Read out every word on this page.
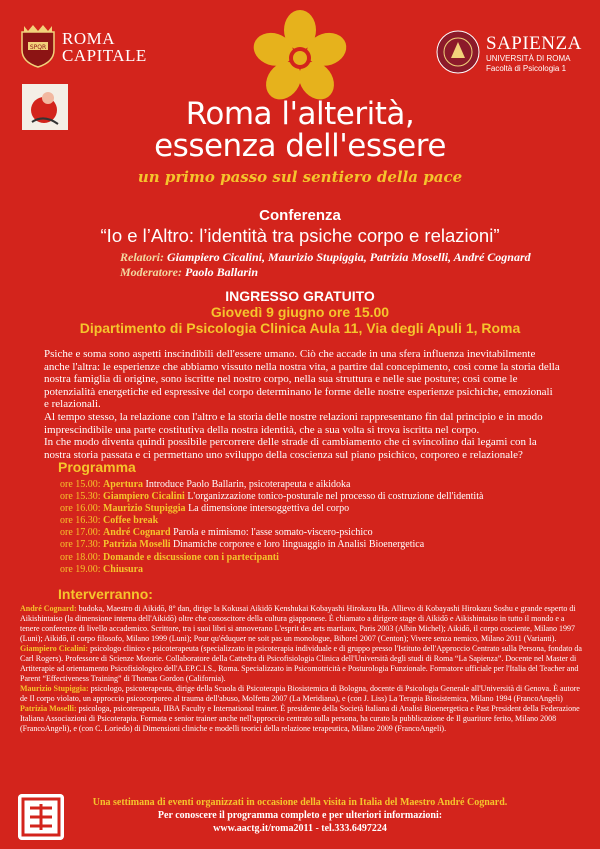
SPQR ROMA
CAPITALE
SAPIENZA
UNIVERSITÀ DI ROMA
Facoltà di Psicologia 1
Roma l'alterità,
essenza dell'essere
un primo passo sul sentiero della pace
Conferenza
“Io e l’Altro: l’identità tra psiche corpo e relazioni”
Relatori: Giampiero Cicalini, Maurizio Stupiggia, Patrizia Moselli, André Cognard
Moderatore: Paolo Ballarin
INGRESSO GRATUITO
Giovedì 9 giugno ore 15.00
Dipartimento di Psicologia Clinica Aula 11, Via degli Apuli 1, Roma

Psiche e soma sono aspetti inscindibili dell'essere umano. Ciò che accade in una sfera influenza inevitabilmente anche l'altra: le esperienze che abbiamo vissuto nella nostra vita, a partire dal concepimento, così come la storia della nostra famiglia di origine, sono iscritte nel nostro corpo, nella sua struttura e nelle sue posture; così come le potenzialità energetiche ed espressive del corpo determinano le forme delle nostre esperienze psichiche, emozionali e relazionali.

Al tempo stesso, la relazione con l'altro e la storia delle nostre relazioni rappresentano fin dal principio e in modo imprescindibile una parte costitutiva della nostra identità, che a sua volta si trova iscritta nel corpo.

In che modo diventa quindi possibile percorrere delle strade di cambiamento che ci svincolino dai legami con la nostra storia passata e ci permettano uno sviluppo della coscienza sul piano psichico, corporeo e relazionale?

Programma
ore 15.00: Apertura Introduce Paolo Ballarin, psicoterapeuta e aikidoka
ore 15.30: Giampiero Cicalini L'organizzazione tonico-posturale nel processo di costruzione dell'identità
ore 16.00: Maurizio Stupiggia La dimensione intersoggettiva del corpo
ore 16.30: Coffee break
ore 17.00: André Cognard Parola e mimismo: l'asse somato-viscero-psichico
ore 17.30: Patrizia Moselli Dinamiche corporee e loro linguaggio in Analisi Bioenergetica
ore 18.00: Domande e discussione con i partecipanti
ore 19.00: Chiusura
Interverranno:

André Cognard: budoka, Maestro di Aikidō, 8° dan, dirige la Kokusai Aikidō Kenshukai Kobayashi Hirokazu Ha. Allievo di Kobayashi Hirokazu Soshu e grande esperto di Aikishintaiso (la dimensione interna dell'Aikidō) oltre che conoscitore della cultura giapponese. È chiamato a dirigere stage di Aikidō e Aikishintaiso in tutto il mondo e a tenere conferenze di livello accademico. Scrittore, tra i suoi libri si annoverano L'esprit des arts martiaux, Paris 2003 (Albin Michel); Aikidō, il corpo cosciente, Milano 1997 (Luni); Aikidō, il corpo filosofo, Milano 1999 (Luni); Pour qu'éduquer ne soit pas un monologue, Bihorel 2007 (Centon); Vivere senza nemico, Milano 2011 (Varianti).

Giampiero Cicalini: psicologo clinico e psicoterapeuta (specializzato in psicoterapia individuale e di gruppo presso l'Istituto dell'Approccio Centrato sulla Persona, fondato da Carl Rogers). Professore di Scienze Motorie. Collaboratore della Cattedra di Psicofisiologia Clinica dell'Università degli studi di Roma “La Sapienza”. Docente nel Master di Artiterapie ad orientamento Psicofisiologico dell'A.EP.C.I.S., Roma. Specializzato in Psicomotricità e Posturologia Funzionale. Formatore ufficiale per l'Italia del Teacher and Parent “Effectiveness Training” di Thomas Gordon (California).

Maurizio Stupiggia: psicologo, psicoterapeuta, dirige della Scuola di Psicoterapia Biosistemica di Bologna, docente di Psicologia Generale all'Università di Genova. È autore de Il corpo violato, un approccio psicocorporeo al trauma dell'abuso, Molfetta 2007 (La Meridiana), e (con J. Liss) La Terapia Biosistemica, Milano 1994 (FrancoAngeli)

Patrizia Moselli: psicologa, psicoterapeuta, IIBA Faculty e International trainer. È presidente della Società Italiana di Analisi Bioenergetica e Past President della Federazione Italiana Associazioni di Psicoterapia. Formata e senior trainer anche nell'approccio centrato sulla persona, ha curato la pubblicazione de Il guaritore ferito, Milano 2008 (FrancoAngeli), e (con C. Loriedo) di Dimensioni cliniche e modelli teorici della relazione terapeutica, Milano 2009 (FrancoAngeli).

Una settimana di eventi organizzati in occasione della visita in Italia del Maestro André Cognard.
Per conoscere il programma completo e per ulteriori informazioni:
www.aactg.it/roma2011 - tel.333.6497224
